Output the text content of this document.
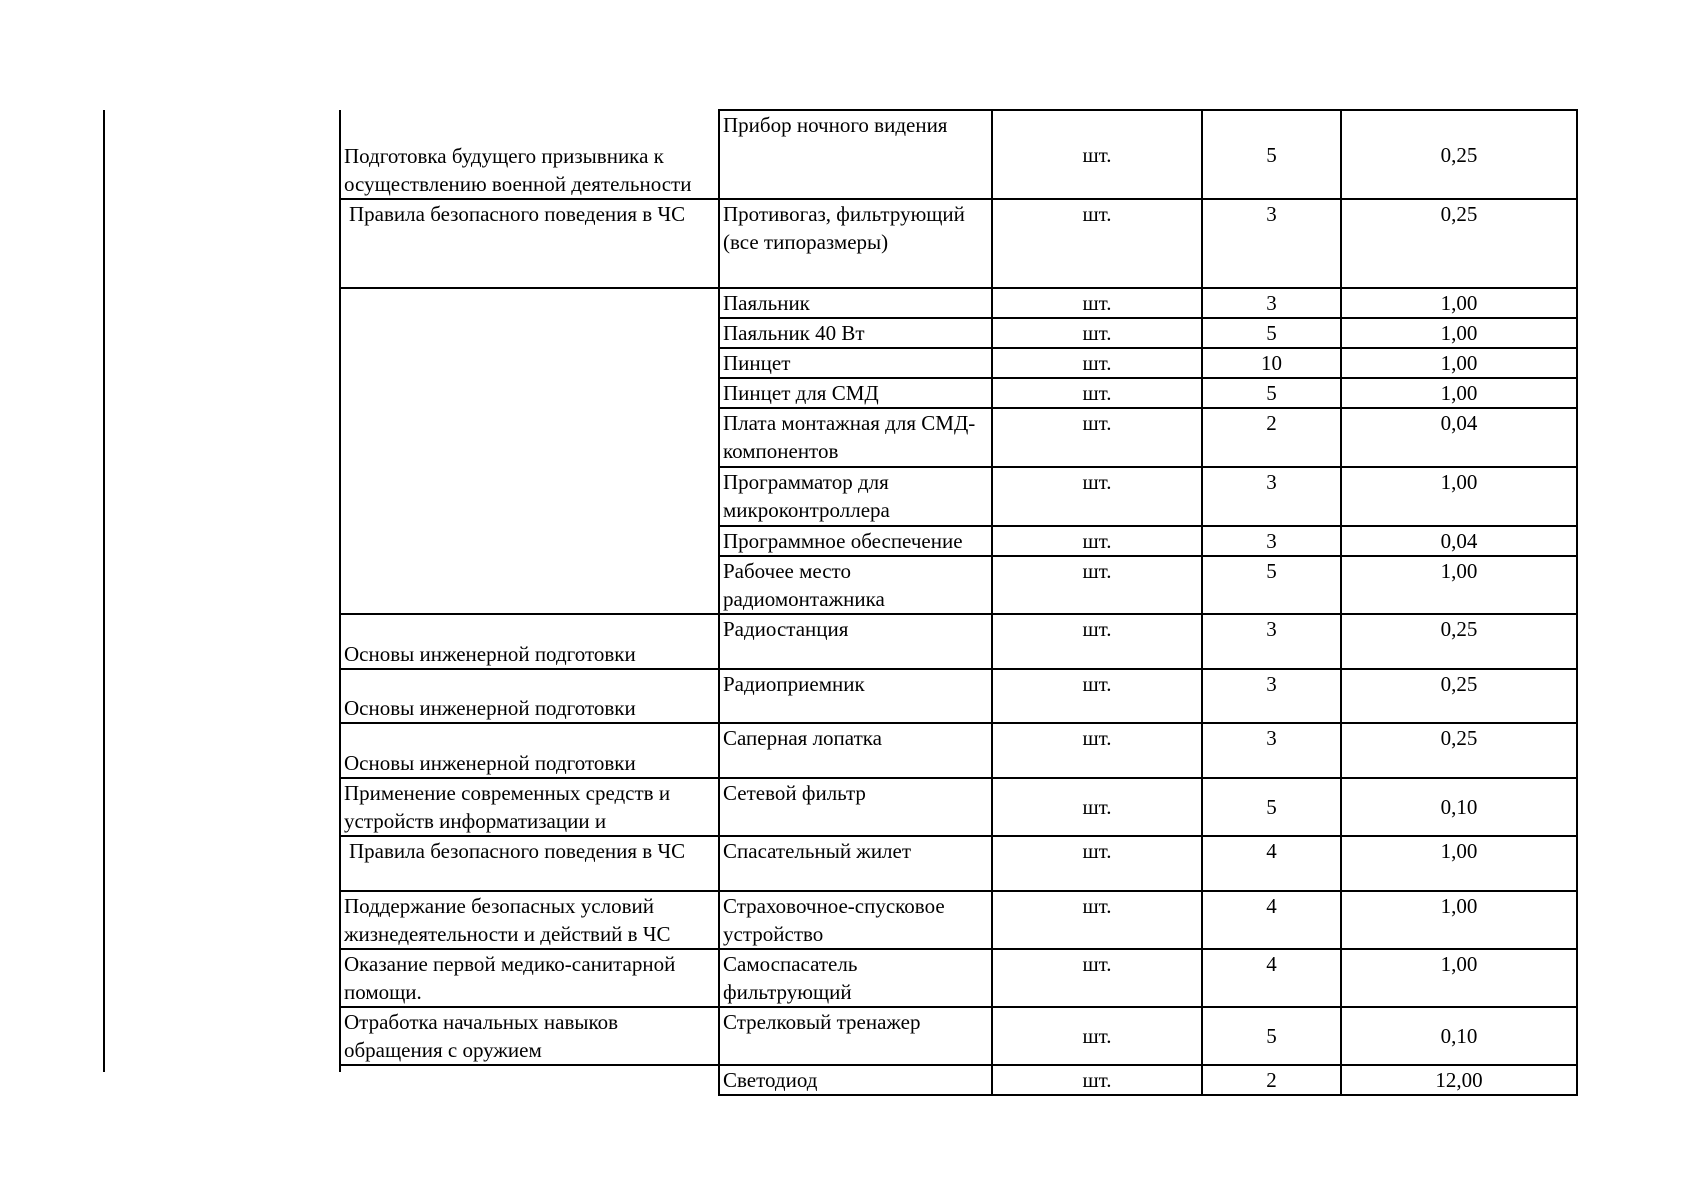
Подготовка будущего призывника к осуществлению военной деятельности	Прибор ночного видения	шт.	5	0,25
Правила безопасного поведения в ЧС	Противогаз, фильтрующий (все типоразмеры)	шт.	3	0,25
	Паяльник	шт.	3	1,00
	Паяльник 40 Вт	шт.	5	1,00
	Пинцет	шт.	10	1,00
	Пинцет для СМД	шт.	5	1,00
	Плата монтажная для СМД-компонентов	шт.	2	0,04
	Программатор для микроконтроллера	шт.	3	1,00
	Программное обеспечение	шт.	3	0,04
	Рабочее место радиомонтажника	шт.	5	1,00
Основы инженерной подготовки	Радиостанция	шт.	3	0,25
Основы инженерной подготовки	Радиоприемник	шт.	3	0,25
Основы инженерной подготовки	Саперная лопатка	шт.	3	0,25
Применение современных средств и устройств информатизации и	Сетевой фильтр	шт.	5	0,10
Правила безопасного поведения в ЧС	Спасательный жилет	шт.	4	1,00
Поддержание безопасных условий жизнедеятельности и действий в ЧС	Страховочное-спусковое устройство	шт.	4	1,00
Оказание первой медико-санитарной помощи.	Самоспасатель фильтрующий	шт.	4	1,00
Отработка начальных навыков обращения с оружием	Стрелковый тренажер	шт.	5	0,10
	Светодиод	шт.	2	12,00
